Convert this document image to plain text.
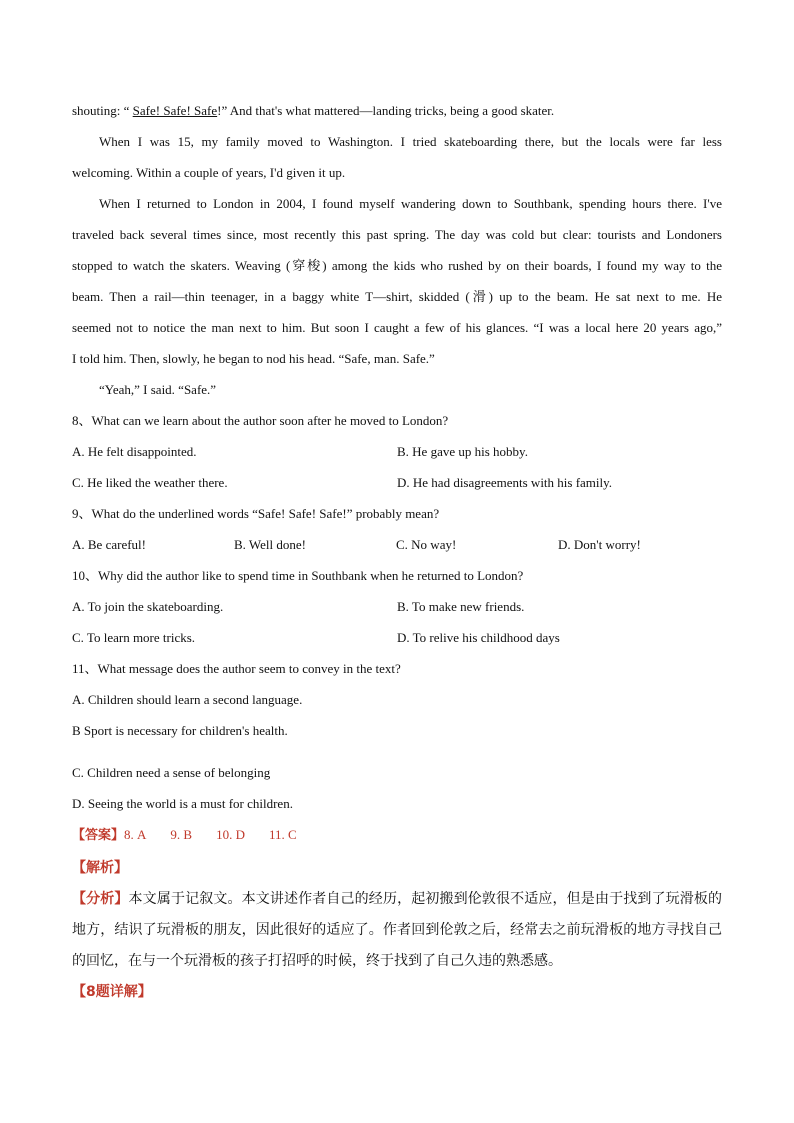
shouting: “ Safe! Safe! Safe!” And that's what mattered—landing tricks, being a good skater.
When I was 15, my family moved to Washington. I tried skateboarding there, but the locals were far less
welcoming. Within a couple of years, I'd given it up.
When I returned to London in 2004, I found myself wandering down to Southbank, spending hours there. I've
traveled back several times since, most recently this past spring. The day was cold but clear: tourists and Londoners
stopped to watch the skaters. Weaving (穿梭) among the kids who rushed by on their boards, I found my way to the
beam. Then a rail—thin teenager, in a baggy white T—shirt, skidded (滑) up to the beam. He sat next to me. He
seemed not to notice the man next to him. But soon I caught a few of his glances. “I was a local here 20 years ago,”
I told him. Then, slowly, he began to nod his head. “Safe, man. Safe.”
“Yeah,” I said. “Safe.”
8、What can we learn about the author soon after he moved to London?
A. He felt disappointed.	B. He gave up his hobby.
C. He liked the weather there.	D. He had disagreements with his family.
9、What do the underlined words “Safe! Safe! Safe!” probably mean?
A. Be careful!	B. Well done!	C. No way!	D. Don't worry!
10、Why did the author like to spend time in Southbank when he returned to London?
A. To join the skateboarding.	B. To make new friends.
C. To learn more tricks.	D. To relive his childhood days
11、What message does the author seem to convey in the text?
A. Children should learn a second language.
B Sport is necessary for children's health.
C. Children need a sense of belonging
D. Seeing the world is a must for children.
【答案】8. A 9. B 10. D 11. C
【解析】
【分析】本文属于记叙文。本文讲述作者自己的经历，起初搬到伦敦很不适应，但是由于找到了玩滑板的
地方，结识了玩滑板的朋友，因此很好的适应了。作者回到伦敦之后，经常去之前玩滑板的地方寻找自己
的回忆，在与一个玩滑板的孩子打招呼的时候，终于找到了自己久违的熟悉感。
【8题详解】
